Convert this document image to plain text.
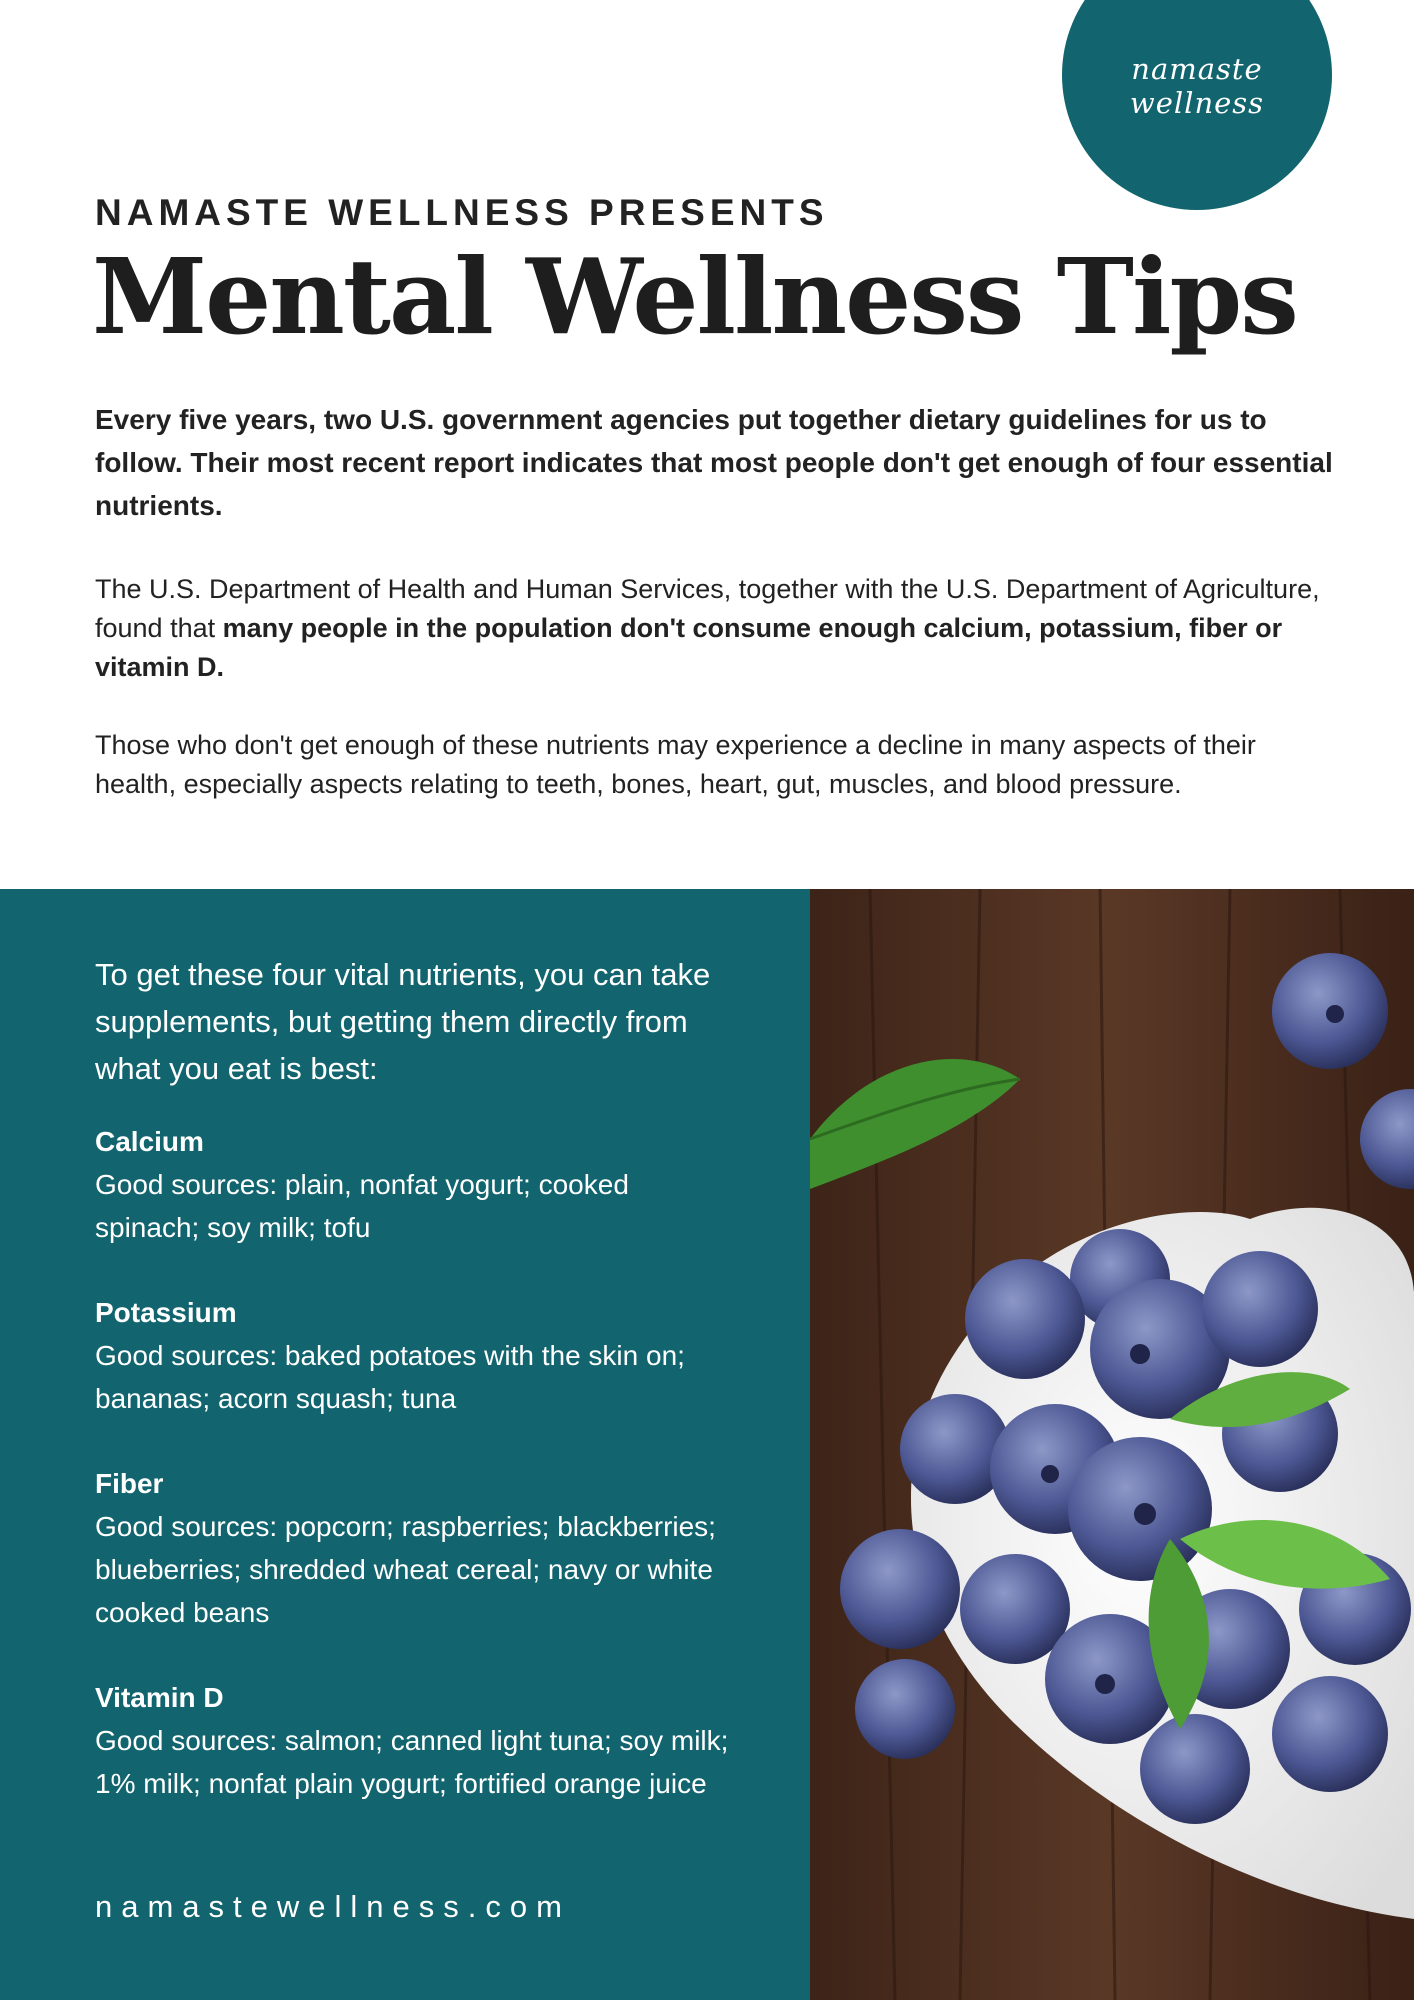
namaste
wellness
NAMASTE WELLNESS PRESENTS
Mental Wellness Tips

Every five years, two U.S. government agencies put together dietary guidelines for us to follow. Their most recent report indicates that most people don't get enough of four essential nutrients.

The U.S. Department of Health and Human Services, together with the U.S. Department of Agriculture, found that many people in the population don't consume enough calcium, potassium, fiber or vitamin D.

Those who don't get enough of these nutrients may experience a decline in many aspects of their health, especially aspects relating to teeth, bones, heart, gut, muscles, and blood pressure.

To get these four vital nutrients, you can take supplements, but getting them directly from what you eat is best:

Calcium

Good sources: plain, nonfat yogurt; cooked spinach; soy milk; tofu

Potassium

Good sources: baked potatoes with the skin on; bananas; acorn squash; tuna

Fiber

Good sources: popcorn; raspberries; blackberries; blueberries; shredded wheat cereal; navy or white cooked beans

Vitamin D

Good sources: salmon; canned light tuna; soy milk; 1% milk; nonfat plain yogurt; fortified orange juice

namastewellness.com
